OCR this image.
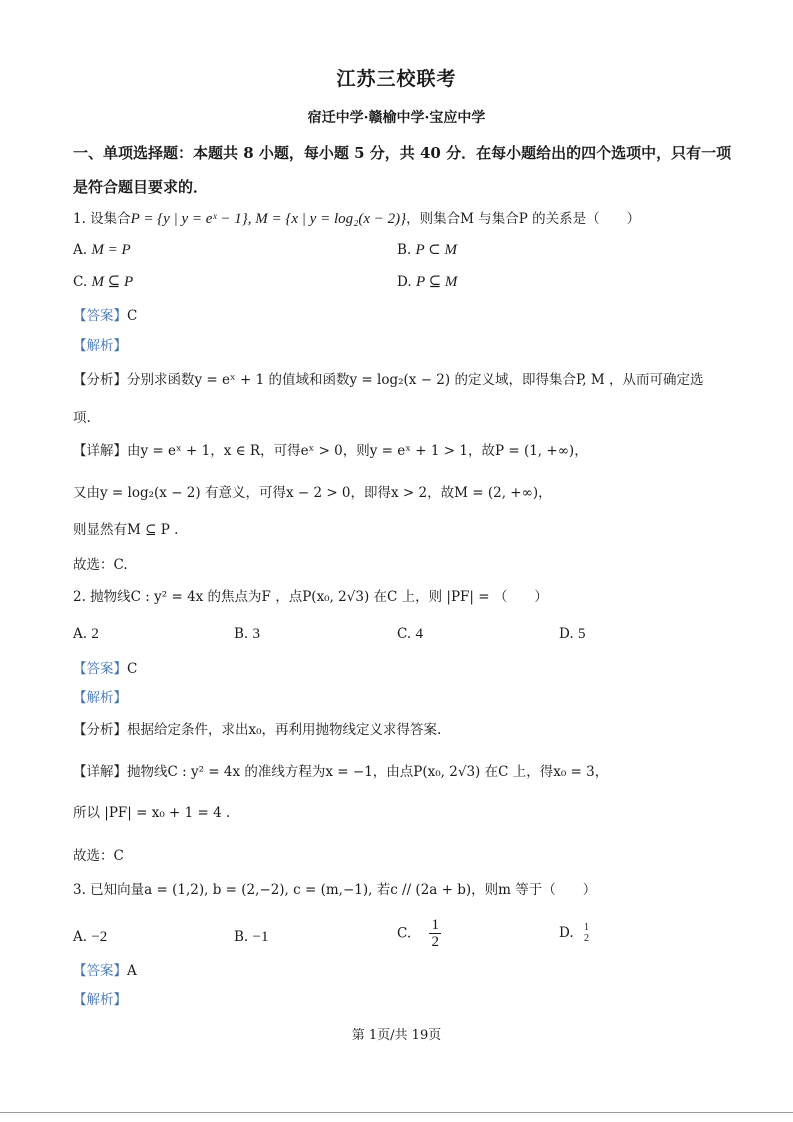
江苏三校联考
宿迁中学·赣榆中学·宝应中学
一、单项选择题：本题共 8 小题，每小题 5 分，共 40 分．在每小题给出的四个选项中，只有一项是符合题目要求的．
1. 设集合P = {y | y = eˣ − 1}, M = {x | y = log₂(x − 2)}，则集合M 与集合P 的关系是（　　）
A. M = P	B. P ⊂ M
C. M ⊆ P	D. P ⊆ M
【答案】C
【解析】
【分析】分别求函数y = eˣ + 1 的值域和函数y = log₂(x − 2) 的定义域，即得集合P, M ，从而可确定选
项.
【详解】由y = eˣ + 1，x ∈ R，可得eˣ > 0，则y = eˣ + 1 > 1，故P = (1, +∞)，
又由y = log₂(x − 2) 有意义，可得x − 2 > 0，即得x > 2，故M = (2, +∞)，
则显然有M ⊆ P .
故选：C.
2. 抛物线C : y² = 4x 的焦点为F ，点P(x₀, 2√3) 在C 上，则 |PF| = （　　）
A. 2	B. 3	C. 4	D. 5
【答案】C
【解析】
【分析】根据给定条件，求出x₀，再利用抛物线定义求得答案.
【详解】抛物线C : y² = 4x 的准线方程为x = −1，由点P(x₀, 2√3) 在C 上，得x₀ = 3，
所以 |PF| = x₀ + 1 = 4 .
故选：C
3. 已知向量a = (1,2), b = (2,−2), c = (m,−1), 若c // (2a + b)，则m 等于（　　）
A. −2	B. −1	C. $\frac{1}{2}$	D. 1
2
【答案】A
【解析】
第 1页/共 19页
